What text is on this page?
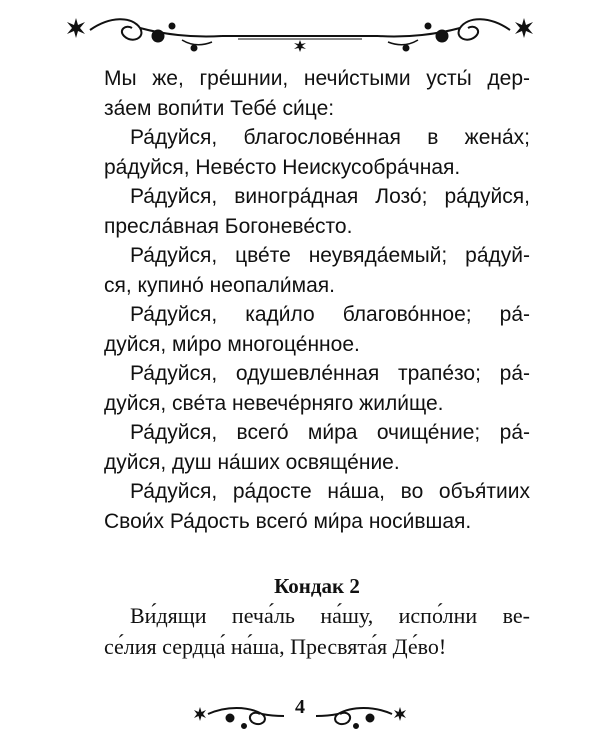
Мы же, гре́шнии, нечи́стыми усты́ дер-
за́ем вопи́ти Тебе́ си́це:
Ра́дуйся, благослове́нная в жена́х;
ра́дуйся, Неве́сто Неискусобра́чная.
Ра́дуйся, виногра́дная Лозо́; ра́дуйся,
пресла́вная Богоневе́сто.
Ра́дуйся, цве́те неувяда́емый; ра́дуй-
ся, купино́ неопали́мая.
Ра́дуйся, кади́ло благово́нное; ра́-
дуйся, ми́ро многоце́нное.
Ра́дуйся, одушевле́нная трапе́зо; ра́-
дуйся, све́та невече́рняго жили́ще.
Ра́дуйся, всего́ ми́ра очище́ние; ра́-
дуйся, душ на́ших освяще́ние.
Ра́дуйся, ра́досте на́ша, во объя́тиих
Свои́х Ра́дость всего́ ми́ра носи́вшая.
Кондак 2
Ви́дящи печа́ль на́шу, испо́лни ве-
се́лия сердца́ на́ша, Пресвята́я Де́во!
4
